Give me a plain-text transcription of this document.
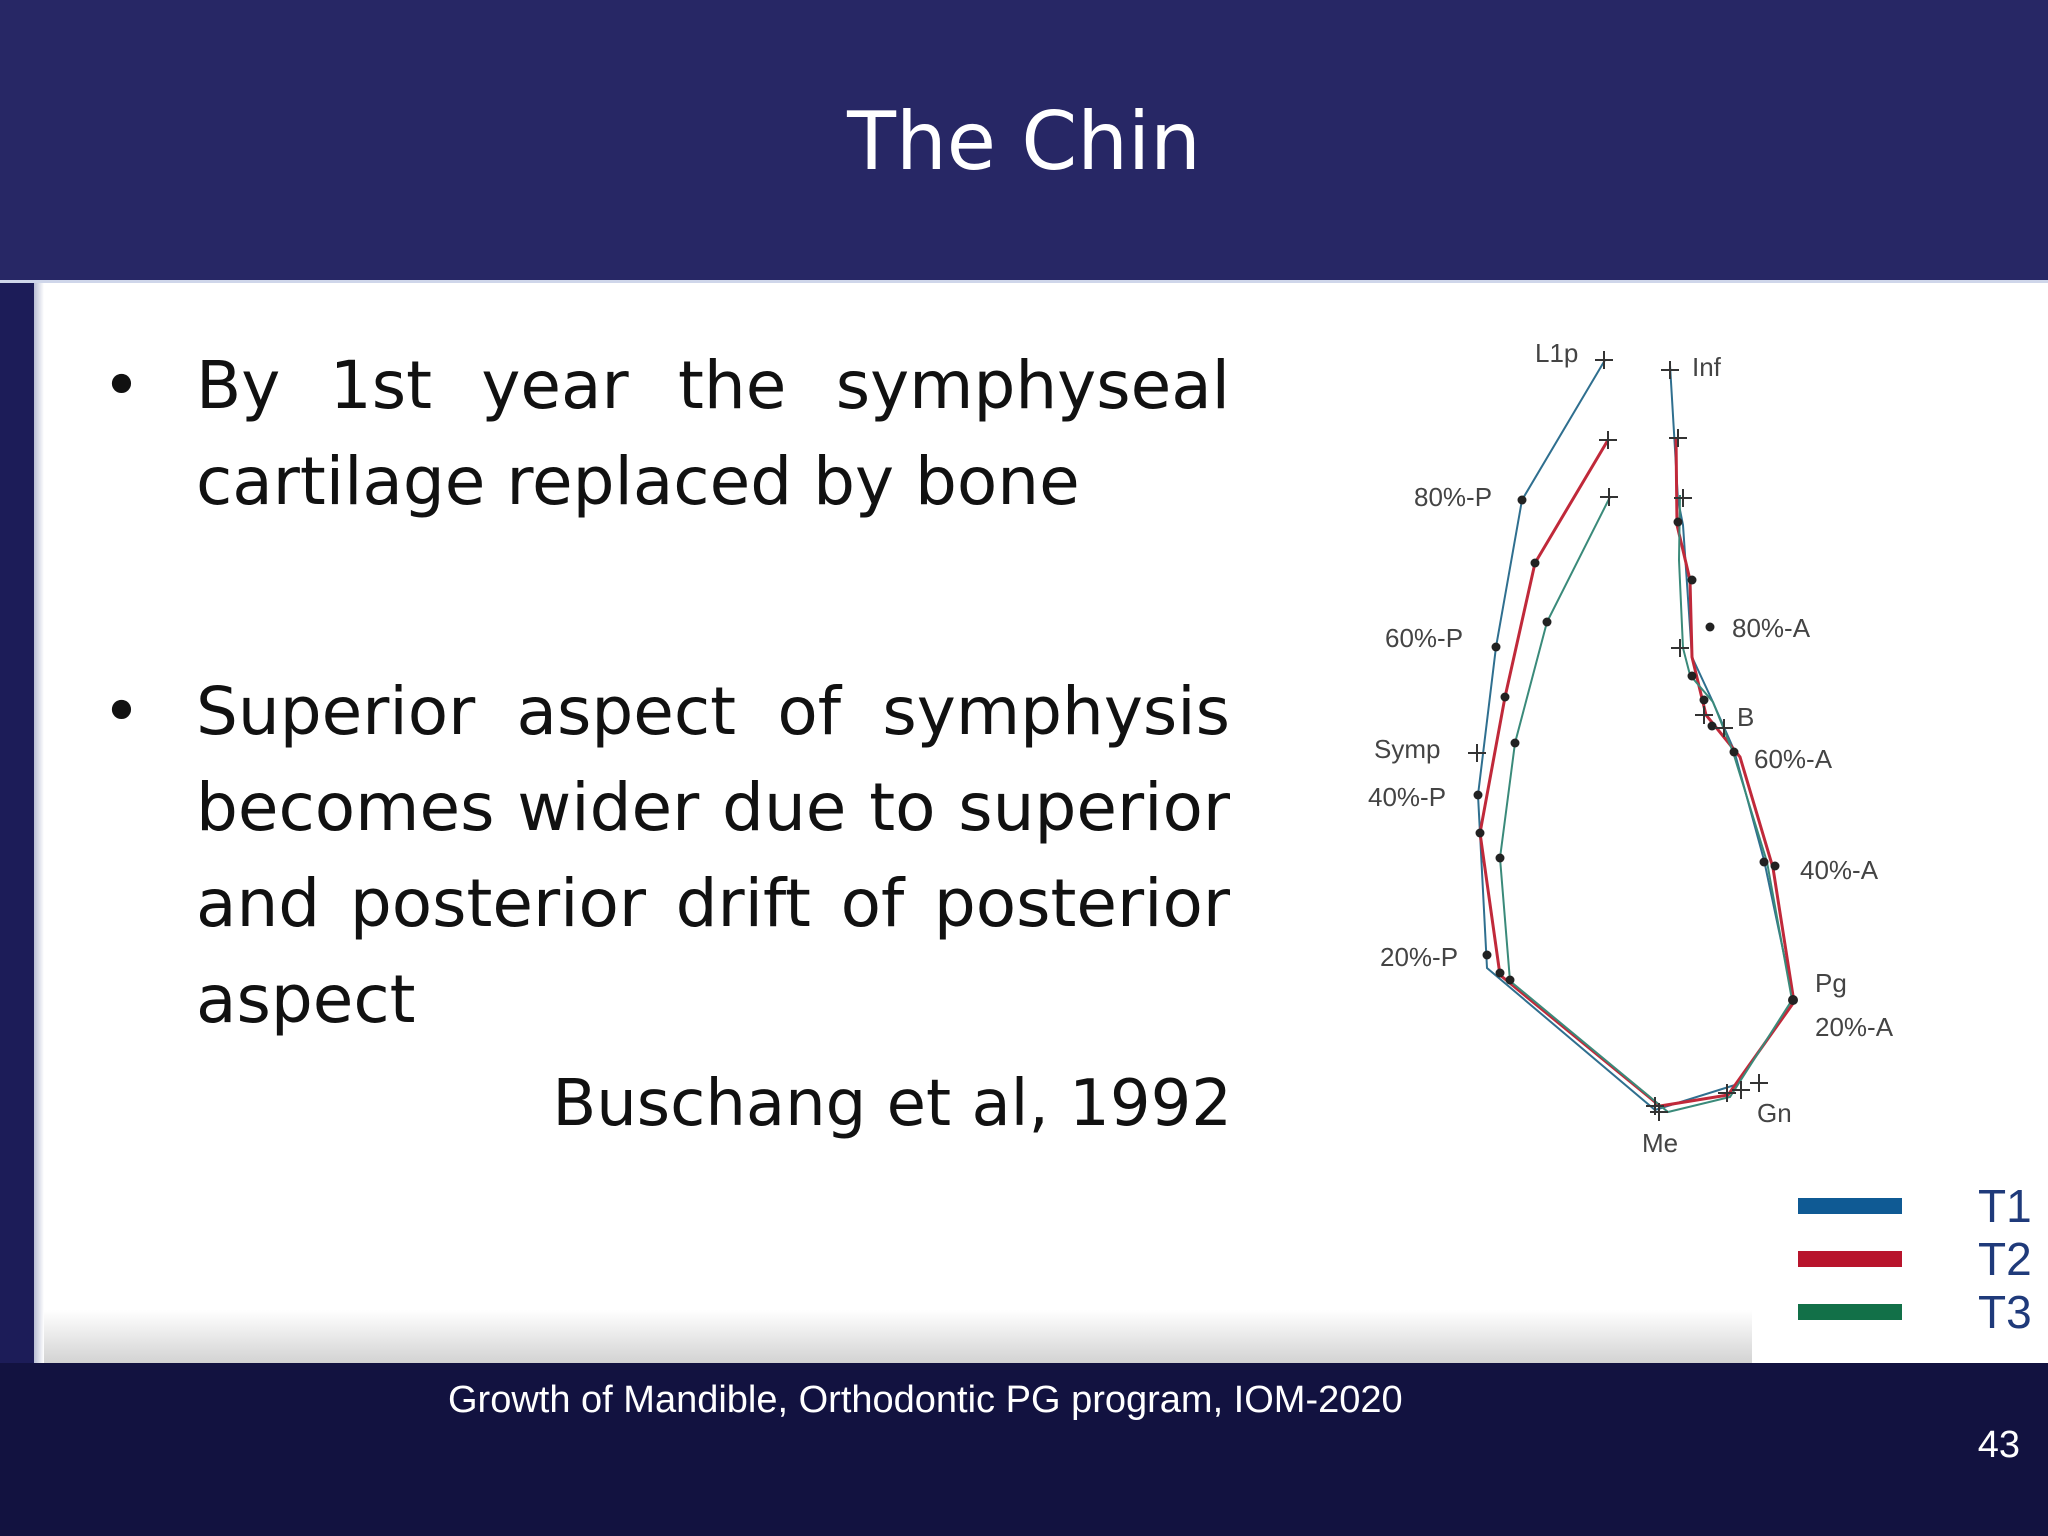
The Chin
• By 1st year the symphyseal cartilage replaced by bone
• Superior aspect of symphysis becomes wider due to superior and posterior drift of posterior aspect
Buschang et al, 1992
L1p	Inf
80%-P
60%-P
Symp
40%-P
20%-P
80%-A
B
60%-A
40%-A
Pg
20%-A
Gn
Me
T1
T2
T3
Growth of Mandible, Orthodontic PG program, IOM-2020
43
